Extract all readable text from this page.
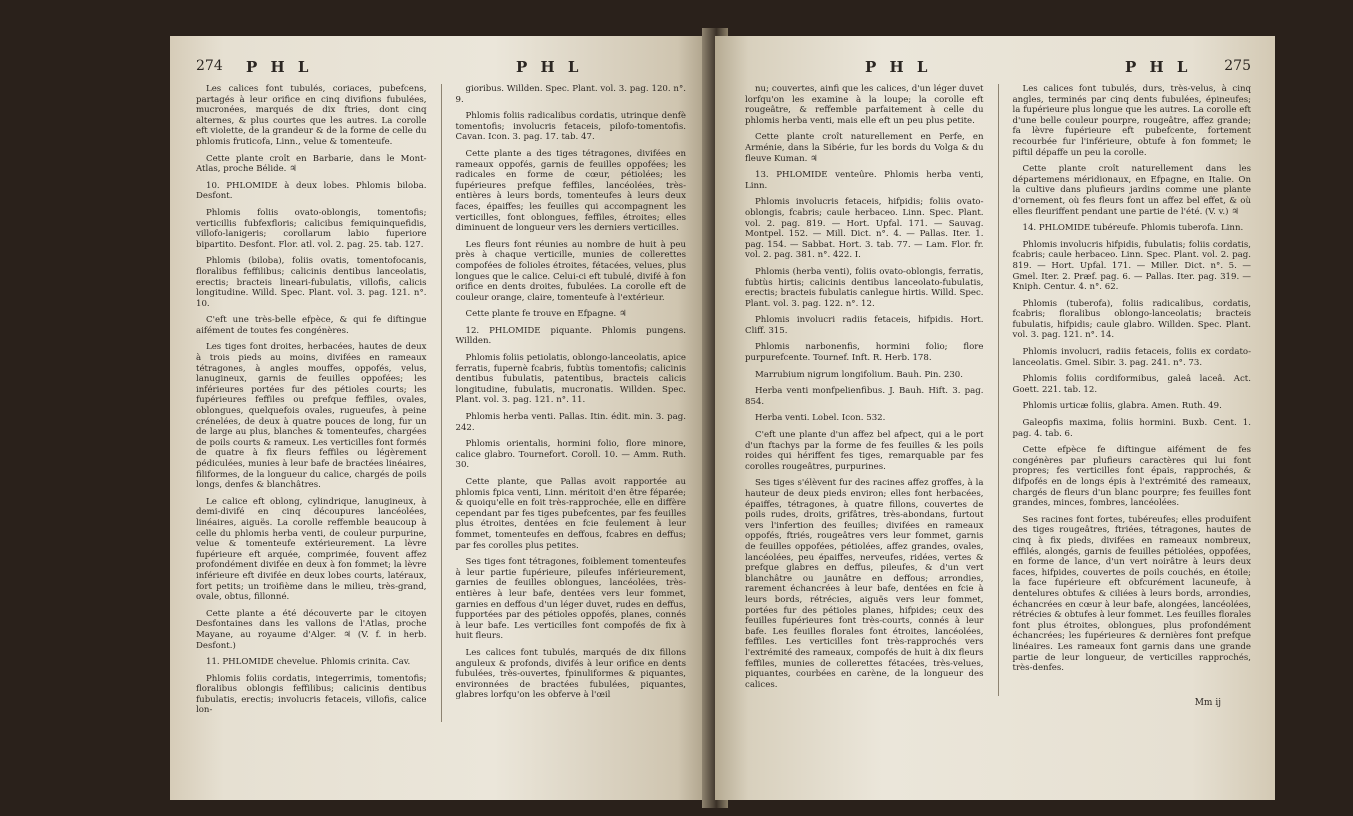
274 P H L	P H L

Les calices font tubulés, coriaces, pubefcens, partagés à leur orifice en cinq divifions fubulées, mucronées, marqués de dix ftries, dont cinq alternes, & plus courtes que les autres. La corolle eft violette, de la grandeur & de la forme de celle du phlomis fruticofa, Linn., velue & tomenteufe.

Cette plante croît en Barbarie, dans le Mont-Atlas, proche Bélide. ♃

10. PHLOMIDE à deux lobes. Phlomis biloba. Desfont.

Phlomis foliis ovato-oblongis, tomentofis; verticillis fubfexfloris; calicibus femiquinquefidis, villofo-lanigeris; corollarum labio fuperiore bipartito. Desfont. Flor. atl. vol. 2. pag. 25. tab. 127.

Phlomis (biloba), foliis ovatis, tomentofocanis, floralibus feffilibus; calicinis dentibus lanceolatis, erectis; bracteis lineari-fubulatis, villofis, calicis longitudine. Willd. Spec. Plant. vol. 3. pag. 121. n°. 10.

C'eft une très-belle efpèce, & qui fe diftingue aifément de toutes fes congénères.

Les tiges font droites, herbacées, hautes de deux à trois pieds au moins, divifées en rameaux tétragones, à angles mouffes, oppofés, velus, lanugineux, garnis de feuilles oppofées; les inférieures portées fur des pétioles courts; les fupérieures feffiles ou prefque feffiles, ovales, oblongues, quelquefois ovales, rugueufes, à peine crénelées, de deux à quatre pouces de long, fur un de large au plus, blanches & tomenteufes, chargées de poils courts & rameux. Les verticilles font formés de quatre à fix fleurs feffiles ou légèrement pédiculées, munies à leur bafe de bractées linéaires, filiformes, de la longueur du calice, chargés de poils longs, denfes & blanchâtres.

Le calice eft oblong, cylindrique, lanugineux, à demi-divifé en cinq découpures lancéolées, linéaires, aiguës. La corolle reffemble beaucoup à celle du phlomis herba venti, de couleur purpurine, velue & tomenteufe extérieurement. La lèvre fupérieure eft arquée, comprimée, fouvent affez profondément divifée en deux à fon fommet; la lèvre inférieure eft divifée en deux lobes courts, latéraux, fort petits; un troifième dans le milieu, très-grand, ovale, obtus, fillonné.

Cette plante a été découverte par le citoyen Desfontaines dans les vallons de l'Atlas, proche Mayane, au royaume d'Alger. ♃ (V. f. in herb. Desfont.)

11. PHLOMIDE chevelue. Phlomis crinita. Cav.

Phlomis foliis cordatis, integerrimis, tomentofis; floralibus oblongis feffilibus; calicinis dentibus fubulatis, erectis; involucris fetaceis, villofis, calice lon-

gioribus. Willden. Spec. Plant. vol. 3. pag. 120. n°. 9.

Phlomis foliis radicalibus cordatis, utrinque denfè tomentofis; involucris fetaceis, pilofo-tomentofis. Cavan. Icon. 3. pag. 17. tab. 47.

Cette plante a des tiges tétragones, divifées en rameaux oppofés, garnis de feuilles oppofées; les radicales en forme de cœur, pétiolées; les fupérieures prefque feffiles, lancéolées, très-entières à leurs bords, tomenteufes à leurs deux faces, épaiffes; les feuilles qui accompagnent les verticilles, font oblongues, feffiles, étroites; elles diminuent de longueur vers les derniers verticilles.

Les fleurs font réunies au nombre de huit à peu près à chaque verticille, munies de collerettes compofées de folioles étroites, fétacées, velues, plus longues que le calice. Celui-ci eft tubulé, divifé à fon orifice en dents droites, fubulées. La corolle eft de couleur orange, claire, tomenteufe à l'extérieur.

Cette plante fe trouve en Efpagne. ♃

12. PHLOMIDE piquante. Phlomis pungens. Willden.

Phlomis foliis petiolatis, oblongo-lanceolatis, apice ferratis, fupernè fcabris, fubtùs tomentofis; calicinis dentibus fubulatis, patentibus, bracteis calicis longitudine, fubulatis, mucronatis. Willden. Spec. Plant. vol. 3. pag. 121. n°. 11.

Phlomis herba venti. Pallas. Itin. édit. min. 3. pag. 242.

Phlomis orientalis, hormini folio, flore minore, calice glabro. Tournefort. Coroll. 10. — Amm. Ruth. 30.

Cette plante, que Pallas avoit rapportée au phlomis fpica venti, Linn. méritoit d'en être féparée; & quoiqu'elle en foit très-rapprochée, elle en diffère cependant par fes tiges pubefcentes, par fes feuilles plus étroites, dentées en fcie feulement à leur fommet, tomenteufes en deffous, fcabres en deffus; par fes corolles plus petites.

Ses tiges font tétragones, foiblement tomenteufes à leur partie fupérieure, pileufes inférieurement, garnies de feuilles oblongues, lancéolées, très-entières à leur bafe, dentées vers leur fommet, garnies en deffous d'un léger duvet, rudes en deffus, fupportées par des pétioles oppofés, planes, connés à leur bafe. Les verticilles font compofés de fix à huit fleurs.

Les calices font tubulés, marqués de dix fillons anguleux & profonds, divifés à leur orifice en dents fubulées, très-ouvertes, fpinuliformes & piquantes, environnées de bractées fubulées, piquantes, glabres lorfqu'on les obferve à l'œil

P H L	P H L 275

nu; couvertes, ainfi que les calices, d'un léger duvet lorfqu'on les examine à la loupe; la corolle eft rougeâtre, & reffemble parfaitement à celle du phlomis herba venti, mais elle eft un peu plus petite.

Cette plante croît naturellement en Perfe, en Arménie, dans la Sibérie, fur les bords du Volga & du fleuve Kuman. ♃

13. PHLOMIDE venteûre. Phlomis herba venti, Linn.

Phlomis involucris fetaceis, hifpidis; foliis ovato-oblongis, fcabris; caule herbaceo. Linn. Spec. Plant. vol. 2. pag. 819. — Hort. Upfal. 171. — Sauvag. Montpel. 152. — Mill. Dict. n°. 4. — Pallas. Iter. 1. pag. 154. — Sabbat. Hort. 3. tab. 77. — Lam. Flor. fr. vol. 2. pag. 381. n°. 422. I.

Phlomis (herba venti), foliis ovato-oblongis, ferratis, fubtùs hirtis; calicinis dentibus lanceolato-fubulatis, erectis; bracteis fubulatis canlegue hirtis. Willd. Spec. Plant. vol. 3. pag. 122. n°. 12.

Phlomis involucri radiis fetaceis, hifpidis. Hort. Cliff. 315.

Phlomis narbonenfis, hormini folio; flore purpurefcente. Tournef. Inft. R. Herb. 178.

Marrubium nigrum longifolium. Bauh. Pin. 230.

Herba venti monfpelienfibus. J. Bauh. Hift. 3. pag. 854.

Herba venti. Lobel. Icon. 532.

C'eft une plante d'un affez bel afpect, qui a le port d'un ftachys par la forme de fes feuilles & les poils roides qui hériffent fes tiges, remarquable par fes corolles rougeâtres, purpurines.

Ses tiges s'élèvent fur des racines affez groffes, à la hauteur de deux pieds environ; elles font herbacées, épaiffes, tétragones, à quatre fillons, couvertes de poils rudes, droits, grifâtres, très-abondans, furtout vers l'infertion des feuilles; divifées en rameaux oppofés, ftriés, rougeâtres vers leur fommet, garnis de feuilles oppofées, pétiolées, affez grandes, ovales, lancéolées, peu épaiffes, nerveufes, ridées, vertes & prefque glabres en deffus, pileufes, & d'un vert blanchâtre ou jaunâtre en deffous; arrondies, rarement échancrées à leur bafe, dentées en fcie à leurs bords, rétrécies, aiguës vers leur fommet, portées fur des pétioles planes, hifpides; ceux des feuilles fupérieures font très-courts, connés à leur bafe. Les feuilles florales font étroites, lancéolées, feffiles. Les verticilles font très-rapprochés vers l'extrémité des rameaux, compofés de huit à dix fleurs feffiles, munies de collerettes fétacées, très-velues, piquantes, courbées en carène, de la longueur des calices.

Les calices font tubulés, durs, très-velus, à cinq angles, terminés par cinq dents fubulées, épineufes; la fupérieure plus longue que les autres. La corolle eft d'une belle couleur pourpre, rougeâtre, affez grande; fa lèvre fupérieure eft pubefcente, fortement recourbée fur l'inférieure, obtufe à fon fommet; le piftil dépaffe un peu la corolle.

Cette plante croît naturellement dans les départemens méridionaux, en Efpagne, en Italie. On la cultive dans plufieurs jardins comme une plante d'ornement, où fes fleurs font un affez bel effet, & où elles fleuriffent pendant une partie de l'été. (V. v.) ♃

14. PHLOMIDE tubéreufe. Phlomis tuberofa. Linn.

Phlomis involucris hifpidis, fubulatis; foliis cordatis, fcabris; caule herbaceo. Linn. Spec. Plant. vol. 2. pag. 819. — Hort. Upfal. 171. — Miller. Dict. n°. 5. — Gmel. Iter. 2. Præf. pag. 6. — Pallas. Iter. pag. 319. — Kniph. Centur. 4. n°. 62.

Phlomis (tuberofa), foliis radicalibus, cordatis, fcabris; floralibus oblongo-lanceolatis; bracteis fubulatis, hifpidis; caule glabro. Willden. Spec. Plant. vol. 3. pag. 121. n°. 14.

Phlomis involucri, radiis fetaceis, foliis ex cordato-lanceolatis. Gmel. Sibir. 3. pag. 241. n°. 73.

Phlomis foliis cordiformibus, galeâ laceâ. Act. Goett. 221. tab. 12.

Phlomis urticæ foliis, glabra. Amen. Ruth. 49.

Galeopfis maxima, foliis hormini. Buxb. Cent. 1. pag. 4. tab. 6.

Cette efpèce fe diftingue aifément de fes congénères par plufieurs caractères qui lui font propres; fes verticilles font épais, rapprochés, & difpofés en de longs épis à l'extrémité des rameaux, chargés de fleurs d'un blanc pourpre; fes feuilles font grandes, minces, fombres, lancéolées.

Ses racines font fortes, tubéreufes; elles produifent des tiges rougeâtres, ftriées, tétragones, hautes de cinq à fix pieds, divifées en rameaux nombreux, effilés, alongés, garnis de feuilles pétiolées, oppofées, en forme de lance, d'un vert noirâtre à leurs deux faces, hifpides, couvertes de poils couchés, en étoile; la face fupérieure eft obfcurément lacuneufe, à dentelures obtufes & ciliées à leurs bords, arrondies, échancrées en cœur à leur bafe, alongées, lancéolées, rétrécies & obtufes à leur fommet. Les feuilles florales font plus étroites, oblongues, plus profondément échancrées; les fupérieures & dernières font prefque linéaires. Les rameaux font garnis dans une grande partie de leur longueur, de verticilles rapprochés, très-denfes.

Mm ij
